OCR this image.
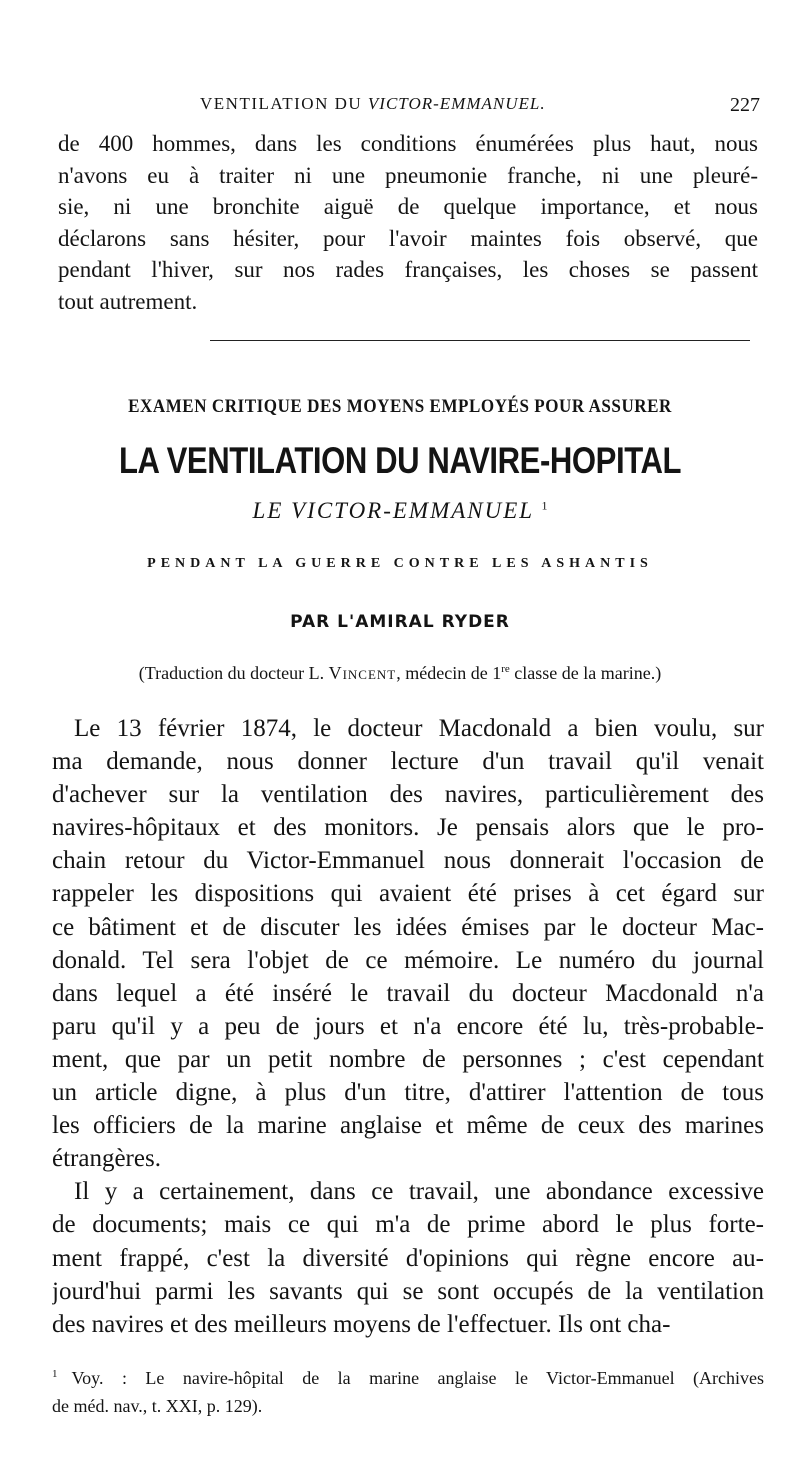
VENTILATION DU VICTOR-EMMANUEL.	227
de 400 hommes, dans les conditions énumérées plus haut, nous
n'avons eu à traiter ni une pneumonie franche, ni une pleuré-
sie, ni une bronchite aiguë de quelque importance, et nous
déclarons sans hésiter, pour l'avoir maintes fois observé, que
pendant l'hiver, sur nos rades françaises, les choses se passent
tout autrement.
EXAMEN CRITIQUE DES MOYENS EMPLOYÉS POUR ASSURER
LA VENTILATION DU NAVIRE-HOPITAL
LE VICTOR-EMMANUEL $^1$
PENDANT LA GUERRE CONTRE LES ASHANTIS
PAR L'AMIRAL RYDER
(Traduction du docteur L. Vincent, médecin de 1re classe de la marine.)
Le 13 février 1874, le docteur Macdonald a bien voulu, sur
ma demande, nous donner lecture d'un travail qu'il venait
d'achever sur la ventilation des navires, particulièrement des
navires-hôpitaux et des monitors. Je pensais alors que le pro-
chain retour du Victor-Emmanuel nous donnerait l'occasion de
rappeler les dispositions qui avaient été prises à cet égard sur
ce bâtiment et de discuter les idées émises par le docteur Mac-
donald. Tel sera l'objet de ce mémoire. Le numéro du journal
dans lequel a été inséré le travail du docteur Macdonald n'a
paru qu'il y a peu de jours et n'a encore été lu, très-probable-
ment, que par un petit nombre de personnes ; c'est cependant
un article digne, à plus d'un titre, d'attirer l'attention de tous
les officiers de la marine anglaise et même de ceux des marines
étrangères.
Il y a certainement, dans ce travail, une abondance excessive
de documents; mais ce qui m'a de prime abord le plus forte-
ment frappé, c'est la diversité d'opinions qui règne encore au-
jourd'hui parmi les savants qui se sont occupés de la ventilation
des navires et des meilleurs moyens de l'effectuer. Ils ont cha-
$^1$ Voy. : Le navire-hôpital de la marine anglaise le Victor-Emmanuel (Archives
de méd. nav., t. XXI, p. 129).
